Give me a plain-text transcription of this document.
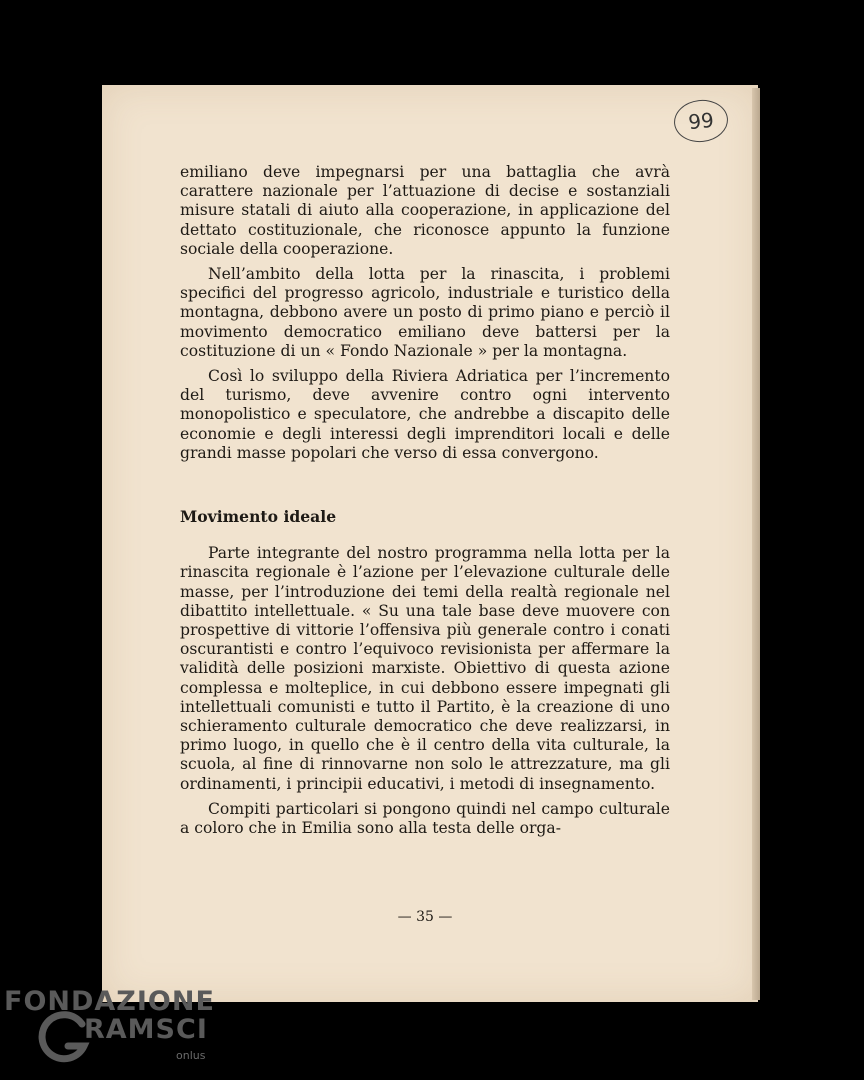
99

emiliano deve impegnarsi per una battaglia che avrà carattere nazionale per l’attuazione di decise e sostanziali misure statali di aiuto alla cooperazione, in applicazione del dettato costituzionale, che riconosce appunto la funzione sociale della cooperazione.

Nell’ambito della lotta per la rinascita, i problemi specifici del progresso agricolo, industriale e turistico della montagna, debbono avere un posto di primo piano e perciò il movimento democratico emiliano deve battersi per la costituzione di un « Fondo Nazionale » per la montagna.

Così lo sviluppo della Riviera Adriatica per l’incremento del turismo, deve avvenire contro ogni intervento monopolistico e speculatore, che andrebbe a discapito delle economie e degli interessi degli imprenditori locali e delle grandi masse popolari che verso di essa convergono.

Movimento ideale

Parte integrante del nostro programma nella lotta per la rinascita regionale è l’azione per l’elevazione culturale delle masse, per l’introduzione dei temi della realtà regionale nel dibattito intellettuale. « Su una tale base deve muovere con prospettive di vittorie l’offensiva più generale contro i conati oscurantisti e contro l’equivoco revisionista per affermare la validità delle posizioni marxiste. Obiettivo di questa azione complessa e molteplice, in cui debbono essere impegnati gli intellettuali comunisti e tutto il Partito, è la creazione di uno schieramento culturale democratico che deve realizzarsi, in primo luogo, in quello che è il centro della vita culturale, la scuola, al fine di rinnovarne non solo le attrezzature, ma gli ordinamenti, i principii educativi, i metodi di insegnamento.

Compiti particolari si pongono quindi nel campo culturale a coloro che in Emilia sono alla testa delle orga-

— 35 —
FONDAZIONE
RAMSCI
onlus
